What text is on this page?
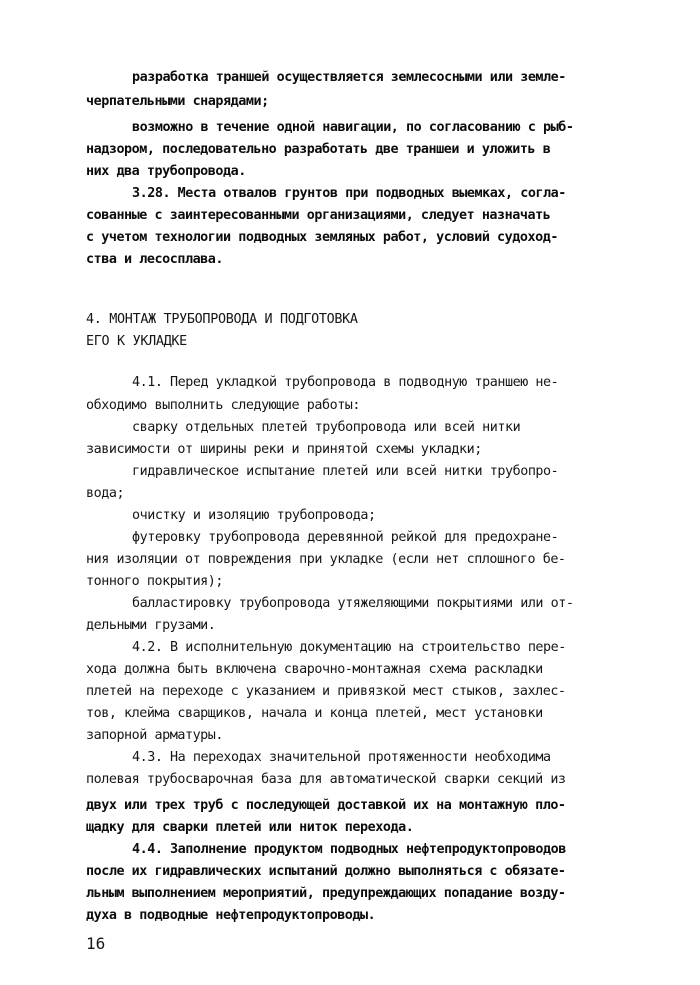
разработка траншей осуществляется землесосными или земле-
черпательными снарядами;
возможно в течение одной навигации, по согласованию с рыб-
надзором, последовательно разработать две траншеи и уложить в
них два трубопровода.
3.28. Места отвалов грунтов при подводных выемках, согла-
сованные с заинтересованными организациями, следует назначать
с учетом технологии подводных земляных работ, условий судоход-
ства и лесосплава.
4. МОНТАЖ ТРУБОПРОВОДА И ПОДГОТОВКА
ЕГО К УКЛАДКЕ
4.1. Перед укладкой трубопровода в подводную траншею не-
обходимо выполнить следующие работы:
сварку отдельных плетей трубопровода или всей нитки
зависимости от ширины реки и принятой схемы укладки;
гидравлическое испытание плетей или всей нитки трубопро-
вода;
очистку и изоляцию трубопровода;
футеровку трубопровода деревянной рейкой для предохране-
ния изоляции от повреждения при укладке (если нет сплошного бе-
тонного покрытия);
балластировку трубопровода утяжеляющими покрытиями или от-
дельными грузами.
4.2. В исполнительную документацию на строительство пере-
хода должна быть включена сварочно-монтажная схема раскладки
плетей на переходе с указанием и привязкой мест стыков, захлес-
тов, клейма сварщиков, начала и конца плетей, мест установки
запорной арматуры.
4.3. На переходах значительной протяженности необходима
полевая трубосварочная база для автоматической сварки секций из
двух или трех труб с последующей доставкой их на монтажную пло-
щадку для сварки плетей или ниток перехода.
4.4. Заполнение продуктом подводных нефтепродуктопроводов
после их гидравлических испытаний должно выполняться с обязате-
льным выполнением мероприятий, предупреждающих попадание возду-
духа в подводные нефтепродуктопроводы.
16
